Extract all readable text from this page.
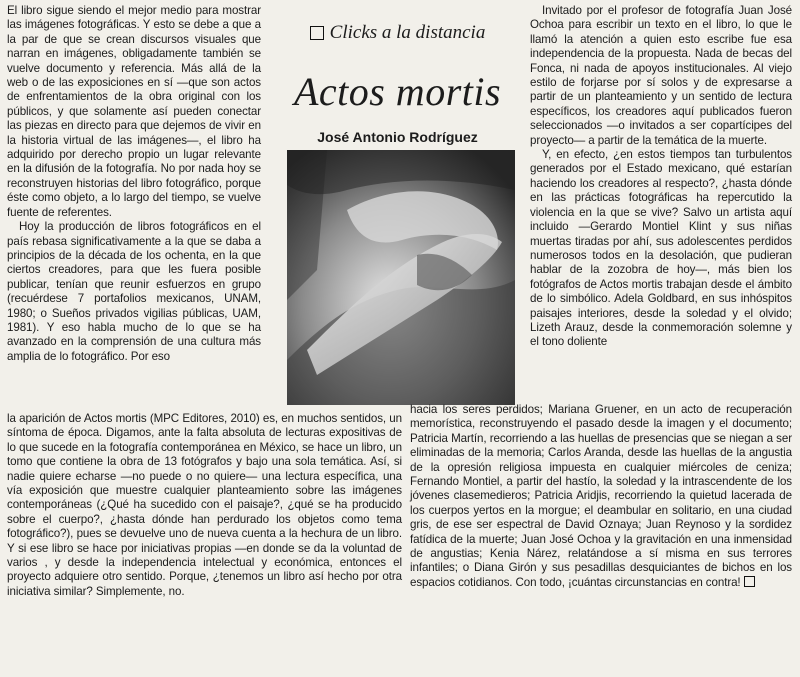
El libro sigue siendo el mejor medio para mostrar las imágenes fotográficas. Y esto se debe a que a la par de que se crean discursos visuales que narran en imágenes, obligadamente también se vuelve documento y referencia. Más allá de la web o de las exposiciones en sí —que son actos de enfrentamientos de la obra original con los públicos, y que solamente así pueden conectar las piezas en directo para que dejemos de vivir en la historia virtual de las imágenes—, el libro ha adquirido por derecho propio un lugar relevante en la difusión de la fotografía. No por nada hoy se reconstruyen historias del libro fotográfico, porque éste como objeto, a lo largo del tiempo, se vuelve fuente de referentes.

Hoy la producción de libros fotográficos en el país rebasa significativamente a la que se daba a principios de la década de los ochenta, en la que ciertos creadores, para que les fuera posible publicar, tenían que reunir esfuerzos en grupo (recuérdese 7 portafolios mexicanos, UNAM, 1980; o Sueños privados vigilias públicas, UAM, 1981). Y eso habla mucho de lo que se ha avanzado en la comprensión de una cultura más amplia de lo fotográfico. Por eso

Clicks a la distancia
Actos mortis
José Antonio Rodríguez

Invitado por el profesor de fotografía Juan José Ochoa para escribir un texto en el libro, lo que le llamó la atención a quien esto escribe fue esa independencia de la propuesta. Nada de becas del Fonca, ni nada de apoyos institucionales. Al viejo estilo de forjarse por sí solos y de expresarse a partir de un planteamiento y un sentido de lectura específicos, los creadores aquí publicados fueron seleccionados —o invitados a ser copartícipes del proyecto— a partir de la temática de la muerte.

Y, en efecto, ¿en estos tiempos tan turbulentos generados por el Estado mexicano, qué estarían haciendo los creadores al respecto?, ¿hasta dónde en las prácticas fotográficas ha repercutido la violencia en la que se vive? Salvo un artista aquí incluido —Gerardo Montiel Klint y sus niñas muertas tiradas por ahí, sus adolescentes perdidos numerosos todos en la desolación, que pudieran hablar de la zozobra de hoy—, más bien los fotógrafos de Actos mortis trabajan desde el ámbito de lo simbólico. Adela Goldbard, en sus inhóspitos paisajes interiores, desde la soledad y el olvido; Lizeth Arauz, desde la conmemoración solemne y el tono doliente

la aparición de Actos mortis (MPC Editores, 2010) es, en muchos sentidos, un síntoma de época. Digamos, ante la falta absoluta de lecturas expositivas de lo que sucede en la fotografía contemporánea en México, se hace un libro, un tomo que contiene la obra de 13 fotógrafos y bajo una sola temática. Así, si nadie quiere echarse —no puede o no quiere— una lectura específica, una vía exposición que muestre cualquier planteamiento sobre las imágenes contemporáneas (¿Qué ha sucedido con el paisaje?, ¿qué se ha producido sobre el cuerpo?, ¿hasta dónde han perdurado los objetos como tema fotográfico?), pues se devuelve uno de nueva cuenta a la hechura de un libro. Y si ese libro se hace por iniciativas propias —en donde se da la voluntad de varios , y desde la independencia intelectual y económica, entonces el proyecto adquiere otro sentido. Porque, ¿tenemos un libro así hecho por otra iniciativa similar? Simplemente, no.

hacia los seres perdidos; Mariana Gruener, en un acto de recuperación memorística, reconstruyendo el pasado desde la imagen y el documento; Patricia Martín, recorriendo a las huellas de presencias que se niegan a ser eliminadas de la memoria; Carlos Aranda, desde las huellas de la angustia de la opresión religiosa impuesta en cualquier miércoles de ceniza; Fernando Montiel, a partir del hastío, la soledad y la intrascendente de los jóvenes clasemedieros; Patricia Aridjis, recorriendo la quietud lacerada de los cuerpos yertos en la morgue; el deambular en solitario, en una ciudad gris, de ese ser espectral de David Oznaya; Juan Reynoso y la sordidez fatídica de la muerte; Juan José Ochoa y la gravitación en una inmensidad de angustias; Kenia Nárez, relatándose a sí misma en sus terrores infantiles; o Diana Girón y sus pesadillas desquiciantes de bichos en los espacios cotidianos. Con todo, ¡cuántas circunstancias en contra!
